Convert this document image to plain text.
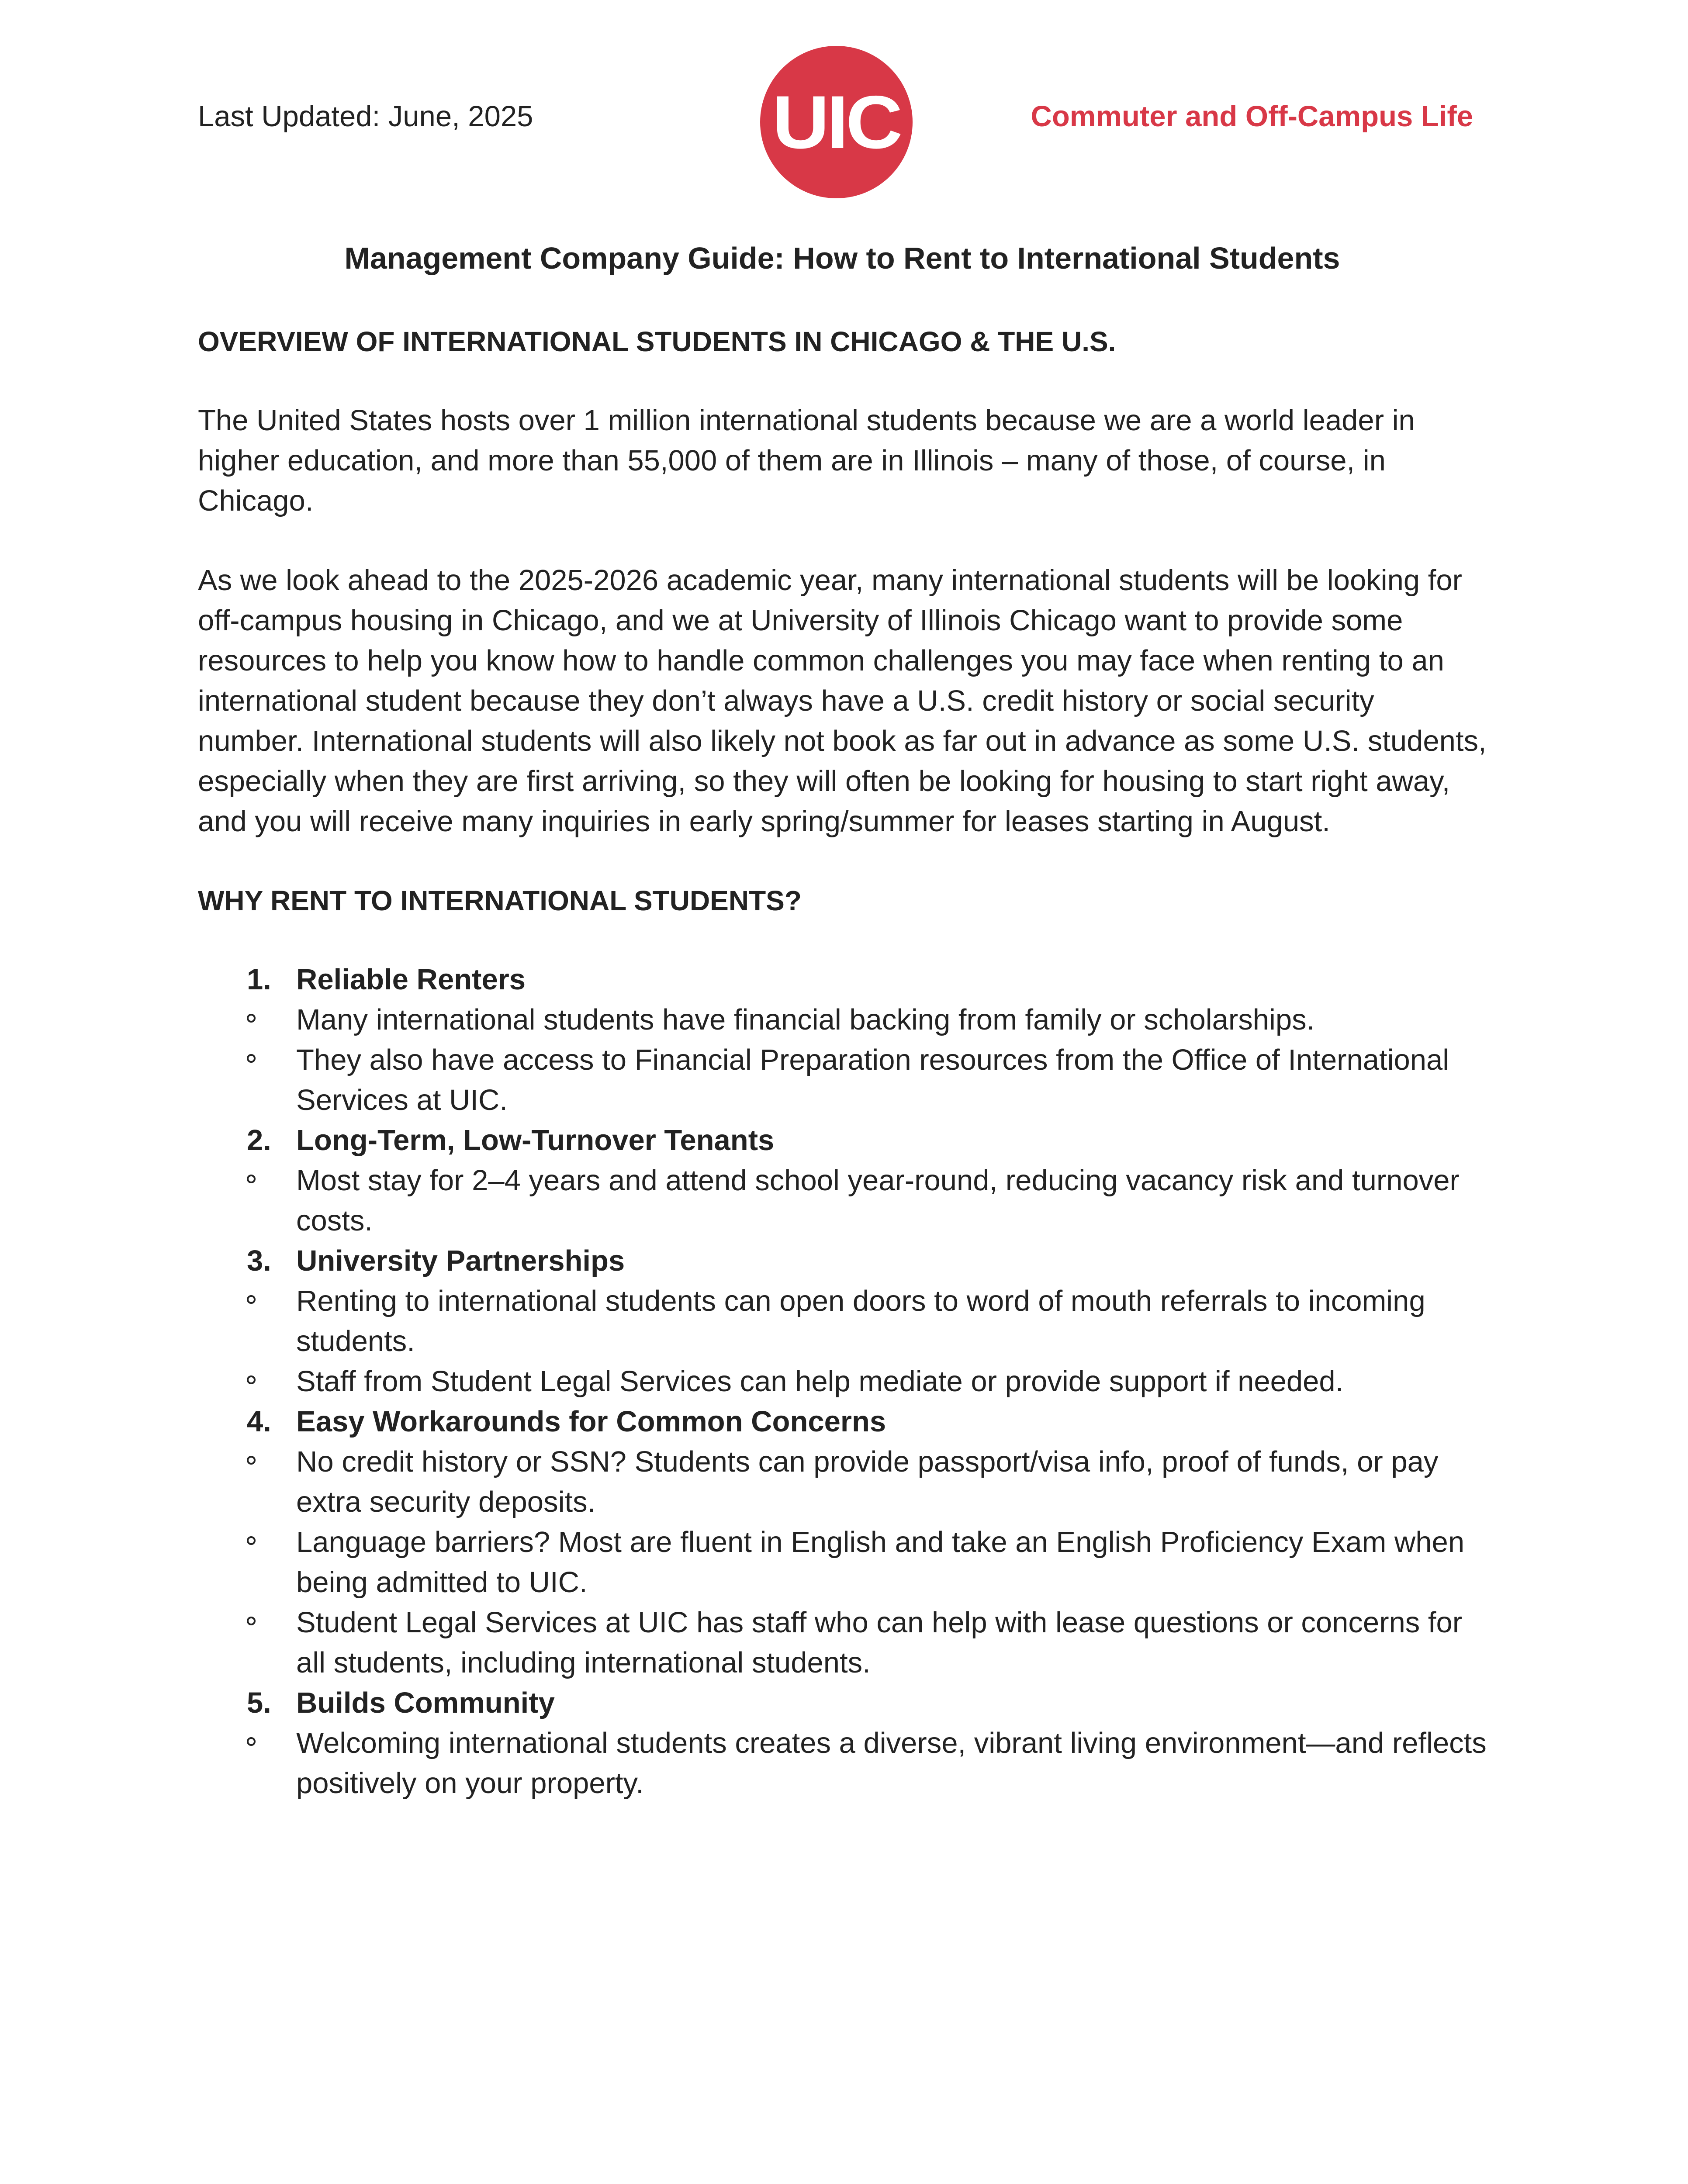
Last Updated: June, 2025	UIC	Commuter and Off-Campus Life

Management Company Guide: How to Rent to International Students
OVERVIEW OF INTERNATIONAL STUDENTS IN CHICAGO & THE U.S.

The United States hosts over 1 million international students because we are a world leader in higher education, and more than 55,000 of them are in Illinois – many of those, of course, in Chicago.

As we look ahead to the 2025-2026 academic year, many international students will be looking for off-campus housing in Chicago, and we at University of Illinois Chicago want to provide some resources to help you know how to handle common challenges you may face when renting to an international student because they don’t always have a U.S. credit history or social security number. International students will also likely not book as far out in advance as some U.S. students, especially when they are first arriving, so they will often be looking for housing to start right away, and you will receive many inquiries in early spring/summer for leases starting in August.

WHY RENT TO INTERNATIONAL STUDENTS?
1. Reliable Renters

Many international students have financial backing from family or scholarships.
They also have access to Financial Preparation resources from the Office of International Services at UIC.
2. Long-Term, Low-Turnover Tenants

Most stay for 2–4 years and attend school year-round, reducing vacancy risk and turnover costs.
3. University Partnerships

Renting to international students can open doors to word of mouth referrals to incoming students.
Staff from Student Legal Services can help mediate or provide support if needed.
4. Easy Workarounds for Common Concerns

No credit history or SSN? Students can provide passport/visa info, proof of funds, or pay extra security deposits.
Language barriers? Most are fluent in English and take an English Proficiency Exam when being admitted to UIC.
Student Legal Services at UIC has staff who can help with lease questions or concerns for all students, including international students.
5. Builds Community

Welcoming international students creates a diverse, vibrant living environment—and reflects positively on your property.
